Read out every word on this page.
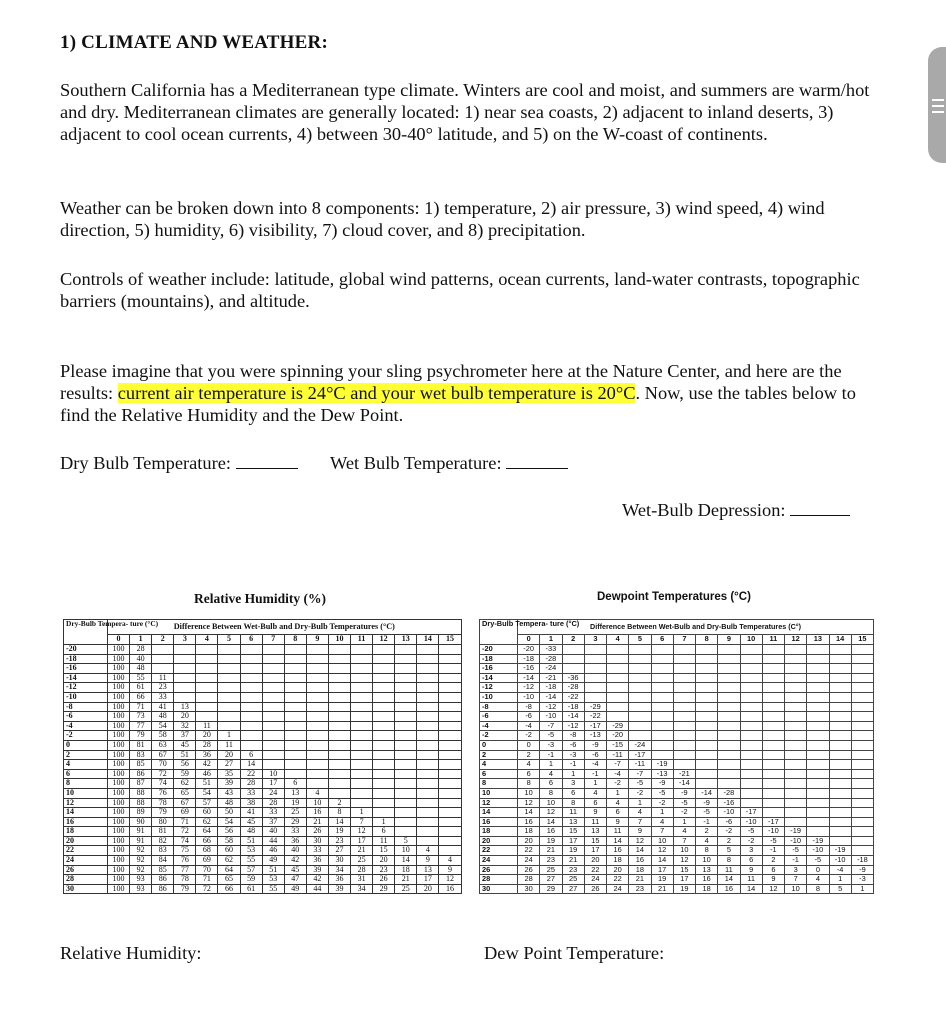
1) CLIMATE AND WEATHER:
Southern California has a Mediterranean type climate. Winters are cool and moist, and summers are warm/hot and dry. Mediterranean climates are generally located: 1) near sea coasts, 2) adjacent to inland deserts, 3) adjacent to cool ocean currents, 4) between 30-40° latitude, and 5) on the W-coast of continents.
Weather can be broken down into 8 components: 1) temperature, 2) air pressure, 3) wind speed, 4) wind direction, 5) humidity, 6) visibility, 7) cloud cover, and 8) precipitation.
Controls of weather include: latitude, global wind patterns, ocean currents, land-water contrasts, topographic barriers (mountains), and altitude.
Please imagine that you were spinning your sling psychrometer here at the Nature Center, and here are the results: current air temperature is 24°C and your wet bulb temperature is 20°C. Now, use the tables below to find the Relative Humidity and the Dew Point.
Dry Bulb Temperature:	Wet Bulb Temperature:
Wet-Bulb Depression:
Relative Humidity (%)	Dewpoint Temperatures (°C)
Dry-Bulb Tempera- ture (°C)	Difference Between Wet-Bulb and Dry-Bulb Temperatures (°C)															
	0	1	2	3	4	5	6	7	8	9	10	11	12	13	14	15
-20	100	28														
-18	100	40														
-16	100	48														
-14	100	55	11													
-12	100	61	23													
-10	100	66	33													
-8	100	71	41	13												
-6	100	73	48	20												
-4	100	77	54	32	11											
-2	100	79	58	37	20	1										
0	100	81	63	45	28	11										
2	100	83	67	51	36	20	6									
4	100	85	70	56	42	27	14									
6	100	86	72	59	46	35	22	10								
8	100	87	74	62	51	39	28	17	6							
10	100	88	76	65	54	43	33	24	13	4						
12	100	88	78	67	57	48	38	28	19	10	2					
14	100	89	79	69	60	50	41	33	25	16	8	1				
16	100	90	80	71	62	54	45	37	29	21	14	7	1			
18	100	91	81	72	64	56	48	40	33	26	19	12	6			
20	100	91	82	74	66	58	51	44	36	30	23	17	11	5		
22	100	92	83	75	68	60	53	46	40	33	27	21	15	10	4	
24	100	92	84	76	69	62	55	49	42	36	30	25	20	14	9	4
26	100	92	85	77	70	64	57	51	45	39	34	28	23	18	13	9
28	100	93	86	78	71	65	59	53	47	42	36	31	26	21	17	12
30	100	93	86	79	72	66	61	55	49	44	39	34	29	25	20	16
Dry-Bulb Tempera- ture (°C)	Difference Between Wet-Bulb and Dry-Bulb Temperatures (C°)															
	0	1	2	3	4	5	6	7	8	9	10	11	12	13	14	15
-20	-20	-33														
-18	-18	-28														
-16	-16	-24														
-14	-14	-21	-36													
-12	-12	-18	-28													
-10	-10	-14	-22													
-8	-8	-12	-18	-29												
-6	-6	-10	-14	-22												
-4	-4	-7	-12	-17	-29											
-2	-2	-5	-8	-13	-20											
0	0	-3	-6	-9	-15	-24										
2	2	-1	-3	-6	-11	-17										
4	4	1	-1	-4	-7	-11	-19									
6	6	4	1	-1	-4	-7	-13	-21								
8	8	6	3	1	-2	-5	-9	-14								
10	10	8	6	4	1	-2	-5	-9	-14	-28						
12	12	10	8	6	4	1	-2	-5	-9	-16						
14	14	12	11	9	6	4	1	-2	-5	-10	-17					
16	16	14	13	11	9	7	4	1	-1	-6	-10	-17				
18	18	16	15	13	11	9	7	4	2	-2	-5	-10	-19			
20	20	19	17	15	14	12	10	7	4	2	-2	-5	-10	-19		
22	22	21	19	17	16	14	12	10	8	5	3	-1	-5	-10	-19	
24	24	23	21	20	18	16	14	12	10	8	6	2	-1	-5	-10	-18
26	26	25	23	22	20	18	17	15	13	11	9	6	3	0	-4	-9
28	28	27	25	24	22	21	19	17	16	14	11	9	7	4	1	-3
30	30	29	27	26	24	23	21	19	18	16	14	12	10	8	5	1
Relative Humidity:	Dew Point Temperature:
